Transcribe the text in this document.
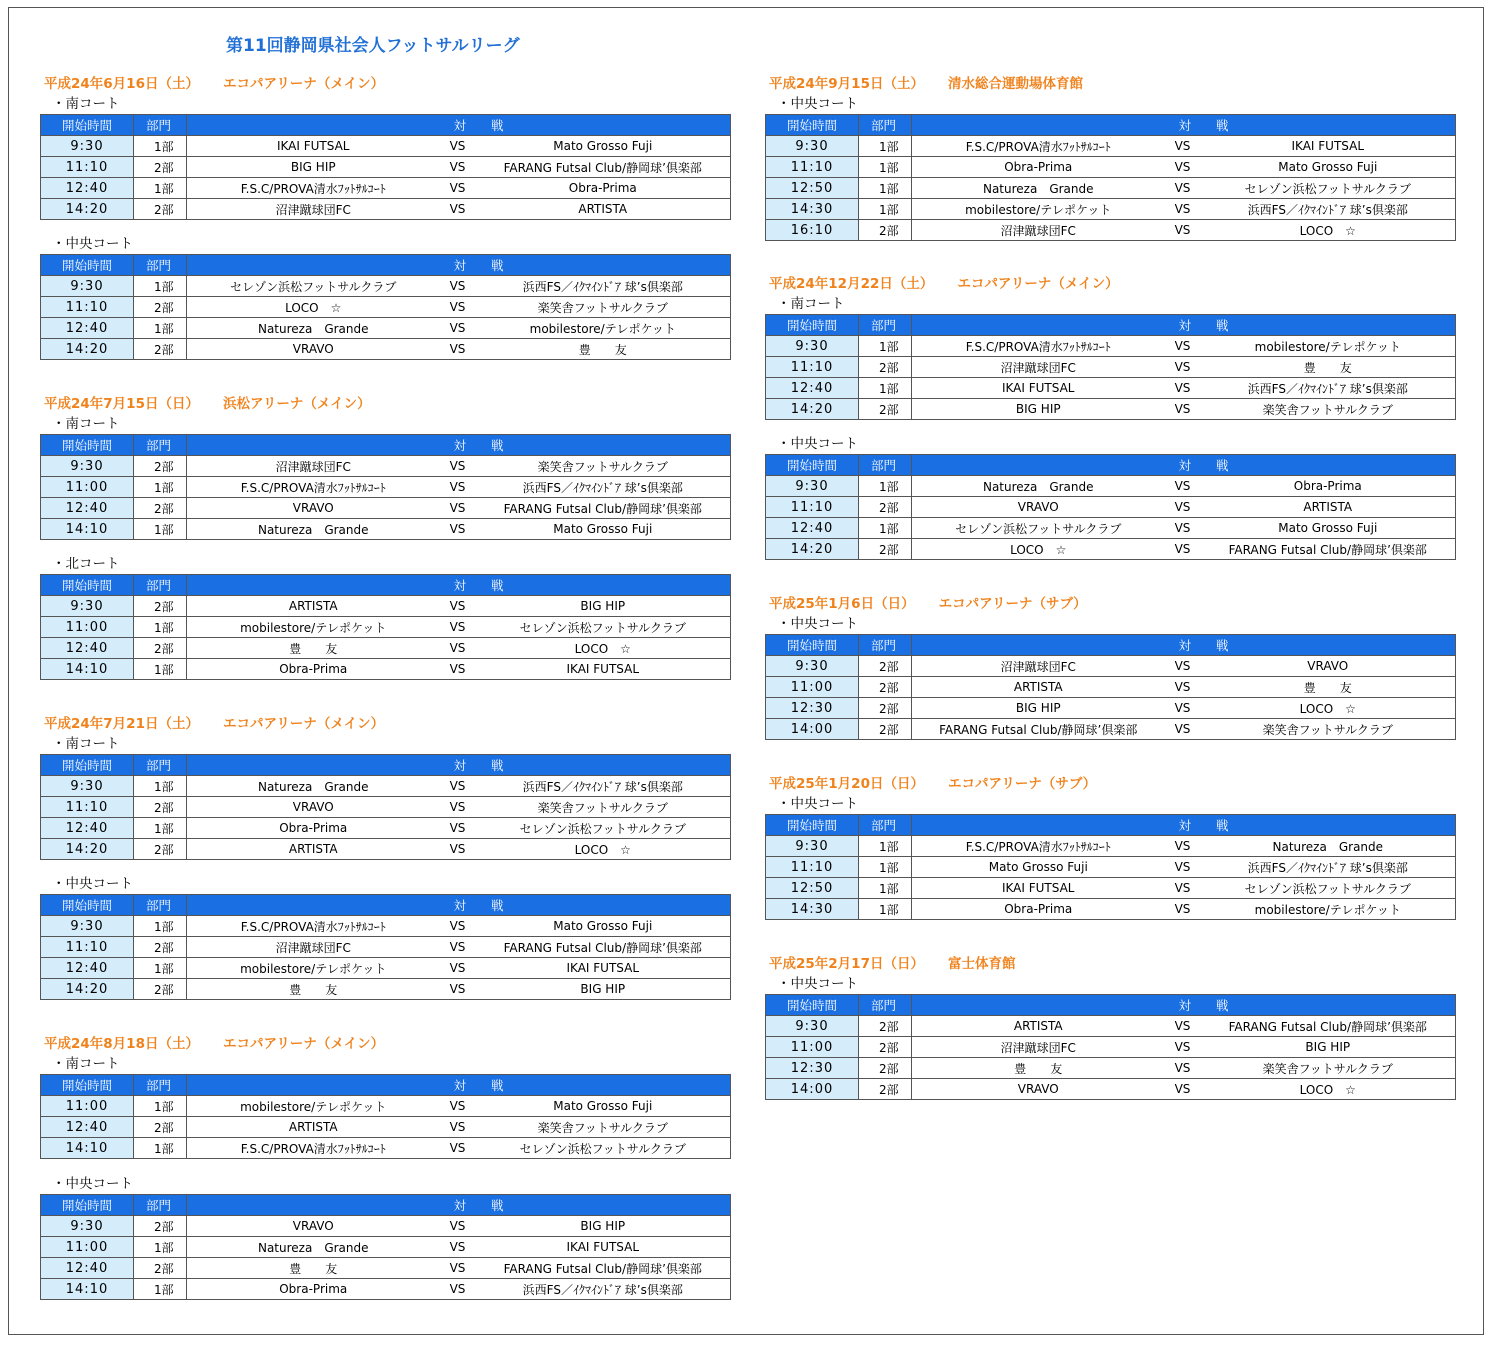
第11回静岡県社会人フットサルリーグ
平成24年6月16日（土） エコパアリーナ（メイン）
・南コート
開始時間	部門	対　　戦		
9:30	1部	IKAI FUTSAL	VS	Mato Grosso Fuji
11:10	2部	BIG HIP	VS	FARANG Futsal Club/静岡球’倶楽部
12:40	1部	F.S.C/PROVA清水ﾌｯﾄｻﾙｺｰﾄ	VS	Obra-Prima
14:20	2部	沼津蹴球団FC	VS	ARTISTA
・中央コート
開始時間	部門	対　　戦		
9:30	1部	セレゾン浜松フットサルクラブ	VS	浜西FS／ｲｸﾏｲﾝﾄﾞｱ 球’s倶楽部
11:10	2部	LOCO　☆	VS	楽笑舎フットサルクラブ
12:40	1部	Natureza　Grande	VS	mobilestore/テレポケット
14:20	2部	VRAVO	VS	豊　　友
平成24年7月15日（日） 浜松アリーナ（メイン）
・南コート
開始時間	部門	対　　戦		
9:30	2部	沼津蹴球団FC	VS	楽笑舎フットサルクラブ
11:00	1部	F.S.C/PROVA清水ﾌｯﾄｻﾙｺｰﾄ	VS	浜西FS／ｲｸﾏｲﾝﾄﾞｱ 球’s倶楽部
12:40	2部	VRAVO	VS	FARANG Futsal Club/静岡球’倶楽部
14:10	1部	Natureza　Grande	VS	Mato Grosso Fuji
・北コート
開始時間	部門	対　　戦		
9:30	2部	ARTISTA	VS	BIG HIP
11:00	1部	mobilestore/テレポケット	VS	セレゾン浜松フットサルクラブ
12:40	2部	豊　　友	VS	LOCO　☆
14:10	1部	Obra-Prima	VS	IKAI FUTSAL
平成24年7月21日（土） エコパアリーナ（メイン）
・南コート
開始時間	部門	対　　戦		
9:30	1部	Natureza　Grande	VS	浜西FS／ｲｸﾏｲﾝﾄﾞｱ 球’s倶楽部
11:10	2部	VRAVO	VS	楽笑舎フットサルクラブ
12:40	1部	Obra-Prima	VS	セレゾン浜松フットサルクラブ
14:20	2部	ARTISTA	VS	LOCO　☆
・中央コート
開始時間	部門	対　　戦		
9:30	1部	F.S.C/PROVA清水ﾌｯﾄｻﾙｺｰﾄ	VS	Mato Grosso Fuji
11:10	2部	沼津蹴球団FC	VS	FARANG Futsal Club/静岡球’倶楽部
12:40	1部	mobilestore/テレポケット	VS	IKAI FUTSAL
14:20	2部	豊　　友	VS	BIG HIP
平成24年8月18日（土） エコパアリーナ（メイン）
・南コート
開始時間	部門	対　　戦		
11:00	1部	mobilestore/テレポケット	VS	Mato Grosso Fuji
12:40	2部	ARTISTA	VS	楽笑舎フットサルクラブ
14:10	1部	F.S.C/PROVA清水ﾌｯﾄｻﾙｺｰﾄ	VS	セレゾン浜松フットサルクラブ
・中央コート
開始時間	部門	対　　戦		
9:30	2部	VRAVO	VS	BIG HIP
11:00	1部	Natureza　Grande	VS	IKAI FUTSAL
12:40	2部	豊　　友	VS	FARANG Futsal Club/静岡球’倶楽部
14:10	1部	Obra-Prima	VS	浜西FS／ｲｸﾏｲﾝﾄﾞｱ 球’s倶楽部
平成24年9月15日（土） 清水総合運動場体育館
・中央コート
開始時間	部門	対　　戦		
9:30	1部	F.S.C/PROVA清水ﾌｯﾄｻﾙｺｰﾄ	VS	IKAI FUTSAL
11:10	1部	Obra-Prima	VS	Mato Grosso Fuji
12:50	1部	Natureza　Grande	VS	セレゾン浜松フットサルクラブ
14:30	1部	mobilestore/テレポケット	VS	浜西FS／ｲｸﾏｲﾝﾄﾞｱ 球’s倶楽部
16:10	2部	沼津蹴球団FC	VS	LOCO　☆
平成24年12月22日（土） エコパアリーナ（メイン）
・南コート
開始時間	部門	対　　戦		
9:30	1部	F.S.C/PROVA清水ﾌｯﾄｻﾙｺｰﾄ	VS	mobilestore/テレポケット
11:10	2部	沼津蹴球団FC	VS	豊　　友
12:40	1部	IKAI FUTSAL	VS	浜西FS／ｲｸﾏｲﾝﾄﾞｱ 球’s倶楽部
14:20	2部	BIG HIP	VS	楽笑舎フットサルクラブ
・中央コート
開始時間	部門	対　　戦		
9:30	1部	Natureza　Grande	VS	Obra-Prima
11:10	2部	VRAVO	VS	ARTISTA
12:40	1部	セレゾン浜松フットサルクラブ	VS	Mato Grosso Fuji
14:20	2部	LOCO　☆	VS	FARANG Futsal Club/静岡球’倶楽部
平成25年1月6日（日） エコパアリーナ（サブ）
・中央コート
開始時間	部門	対　　戦		
9:30	2部	沼津蹴球団FC	VS	VRAVO
11:00	2部	ARTISTA	VS	豊　　友
12:30	2部	BIG HIP	VS	LOCO　☆
14:00	2部	FARANG Futsal Club/静岡球’倶楽部	VS	楽笑舎フットサルクラブ
平成25年1月20日（日） エコパアリーナ（サブ）
・中央コート
開始時間	部門	対　　戦		
9:30	1部	F.S.C/PROVA清水ﾌｯﾄｻﾙｺｰﾄ	VS	Natureza　Grande
11:10	1部	Mato Grosso Fuji	VS	浜西FS／ｲｸﾏｲﾝﾄﾞｱ 球’s倶楽部
12:50	1部	IKAI FUTSAL	VS	セレゾン浜松フットサルクラブ
14:30	1部	Obra-Prima	VS	mobilestore/テレポケット
平成25年2月17日（日） 富士体育館
・中央コート
開始時間	部門	対　　戦		
9:30	2部	ARTISTA	VS	FARANG Futsal Club/静岡球’倶楽部
11:00	2部	沼津蹴球団FC	VS	BIG HIP
12:30	2部	豊　　友	VS	楽笑舎フットサルクラブ
14:00	2部	VRAVO	VS	LOCO　☆
